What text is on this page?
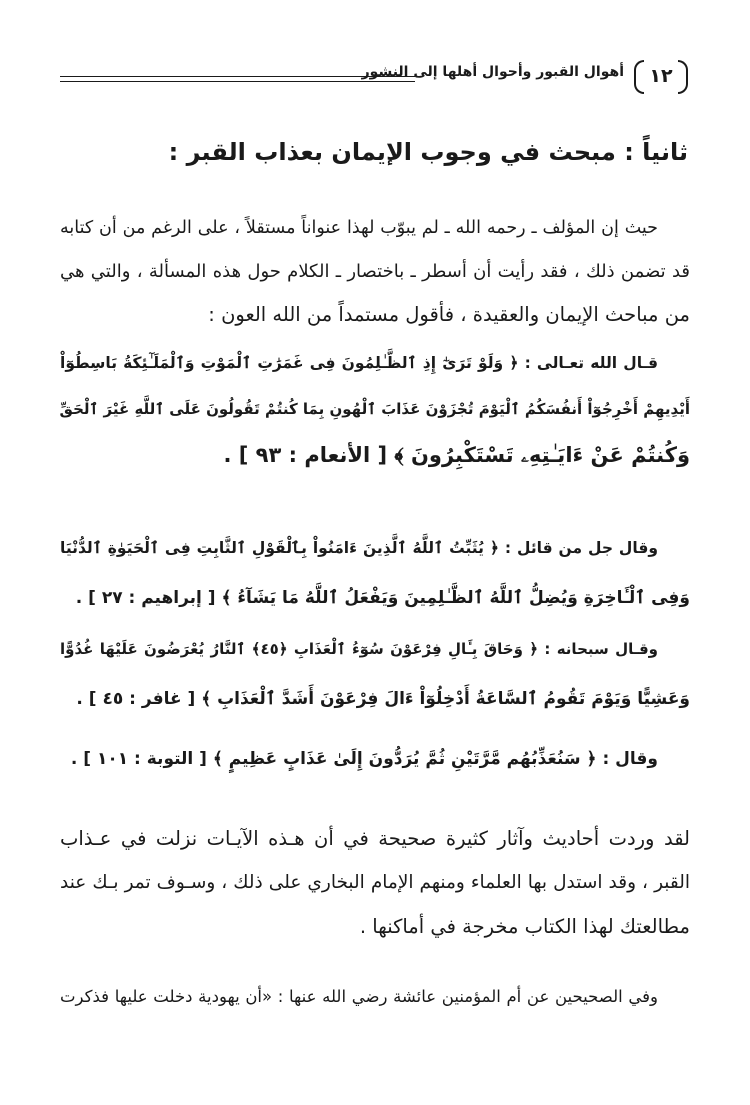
١٢
أهوال القبور وأحوال أهلها إلى النشور
ثانياً : مبحث في وجوب الإيمان بعذاب القبر :
حيث إن المؤلف ـ رحمه الله ـ لم يبوّب لهذا عنواناً مستقلاً ، على الرغم من أن كتابه
قد تضمن ذلك ، فقد رأيت أن أسطر ـ باختصار ـ الكلام حول هذه المسألة ، والتي هي
من مباحث الإيمان والعقيدة ، فأقول مستمداً من الله العون :
قـال الله تعـالى : ﴿ وَلَوْ تَرَىٰٓ إِذِ ٱلظَّـٰلِمُونَ فِى غَمَرَٰتِ ٱلْمَوْتِ وَٱلْمَلَـٰٓئِكَةُ بَاسِطُوٓاْ
أَيْدِيهِمْ أَخْرِجُوٓاْ أَنفُسَكُمُ ٱلْيَوْمَ تُجْزَوْنَ عَذَابَ ٱلْهُونِ بِمَا كُنتُمْ تَقُولُونَ عَلَى ٱللَّهِ غَيْرَ ٱلْحَقِّ
وَكُنتُمْ عَنْ ءَايَـٰتِهِۦ تَسْتَكْبِرُونَ ﴾ [ الأنعام : ٩٣ ] .
وقال جل من قائل : ﴿ يُثَبِّتُ ٱللَّهُ ٱلَّذِينَ ءَامَنُواْ بِٱلْقَوْلِ ٱلثَّابِتِ فِى ٱلْحَيَوٰةِ ٱلدُّنْيَا
وَفِى ٱلْـَٔاخِرَةِ وَيُضِلُّ ٱللَّهُ ٱلظَّـٰلِمِينَ وَيَفْعَلُ ٱللَّهُ مَا يَشَآءُ ﴾ [ إبراهيم : ٢٧ ] .
وقـال سبحانه : ﴿ وَحَاقَ بِـَٔالِ فِرْعَوْنَ سُوٓءُ ٱلْعَذَابِ ﴿٤٥﴾ ٱلنَّارُ يُعْرَضُونَ عَلَيْهَا غُدُوًّا
وَعَشِيًّا وَيَوْمَ تَقُومُ ٱلسَّاعَةُ أَدْخِلُوٓاْ ءَالَ فِرْعَوْنَ أَشَدَّ ٱلْعَذَابِ ﴾ [ غافر : ٤٥ ] .
وقال : ﴿ سَنُعَذِّبُهُم مَّرَّتَيْنِ ثُمَّ يُرَدُّونَ إِلَىٰ عَذَابٍ عَظِيمٍ ﴾ [ التوبة : ١٠١ ] .
لقد وردت أحاديث وآثار كثيرة صحيحة في أن هـذه الآيـات نزلت في عـذاب
القبر ، وقد استدل بها العلماء ومنهم الإمام البخاري على ذلك ، وسـوف تمر بـك عند
مطالعتك لهذا الكتاب مخرجة في أماكنها .
وفي الصحيحين عن أم المؤمنين عائشة رضي الله عنها : «أن يهودية دخلت عليها فذكرت
